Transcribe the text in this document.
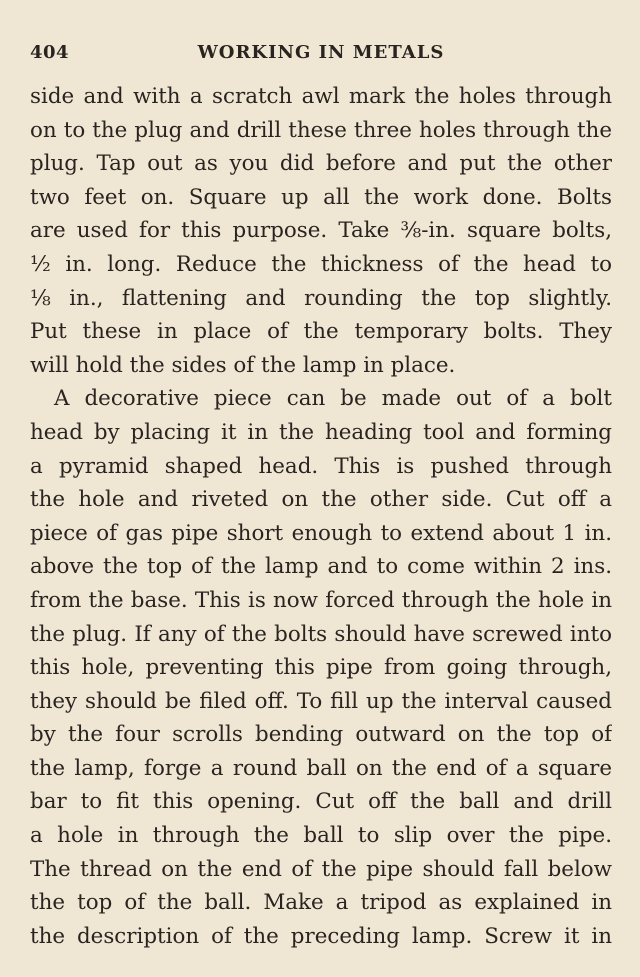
404	WORKING IN METALS
side and with a scratch awl mark the holes through
on to the plug and drill these three holes through the
plug. Tap out as you did before and put the other
two feet on. Square up all the work done. Bolts
are used for this purpose. Take ⅜-in. square bolts,
½ in. long. Reduce the thickness of the head to
⅛ in., flattening and rounding the top slightly.
Put these in place of the temporary bolts. They
will hold the sides of the lamp in place.
A decorative piece can be made out of a bolt
head by placing it in the heading tool and forming
a pyramid shaped head. This is pushed through
the hole and riveted on the other side. Cut off a
piece of gas pipe short enough to extend about 1 in.
above the top of the lamp and to come within 2 ins.
from the base. This is now forced through the hole in
the plug. If any of the bolts should have screwed into
this hole, preventing this pipe from going through,
they should be filed off. To fill up the interval caused
by the four scrolls bending outward on the top of
the lamp, forge a round ball on the end of a square
bar to fit this opening. Cut off the ball and drill
a hole in through the ball to slip over the pipe.
The thread on the end of the pipe should fall below
the top of the ball. Make a tripod as explained in
the description of the preceding lamp. Screw it in
